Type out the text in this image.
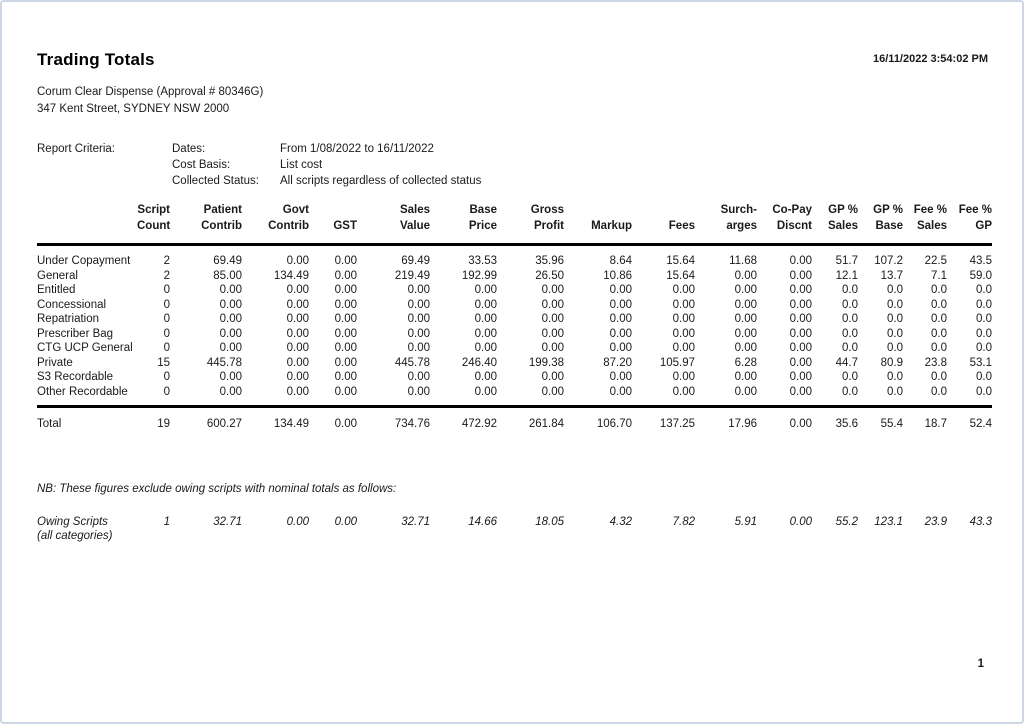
Trading Totals	16/11/2022 3:54:02 PM
Corum Clear Dispense (Approval # 80346G)
347 Kent Street, SYDNEY NSW 2000
Report Criteria:	Dates:	From 1/08/2022 to 16/11/2022
Cost Basis:	List cost
Collected Status:	All scripts regardless of collected status
	Script	Patient	Govt		Sales	Base	Gross			Surch-	Co-Pay	GP %	GP %	Fee %	Fee %
	Count	Contrib	Contrib	GST	Value	Price	Profit	Markup	Fees	arges	Discnt	Sales	Base	Sales	GP
Under Copayment	2	69.49	0.00	0.00	69.49	33.53	35.96	8.64	15.64	11.68	0.00	51.7	107.2	22.5	43.5
General	2	85.00	134.49	0.00	219.49	192.99	26.50	10.86	15.64	0.00	0.00	12.1	13.7	7.1	59.0
Entitled	0	0.00	0.00	0.00	0.00	0.00	0.00	0.00	0.00	0.00	0.00	0.0	0.0	0.0	0.0
Concessional	0	0.00	0.00	0.00	0.00	0.00	0.00	0.00	0.00	0.00	0.00	0.0	0.0	0.0	0.0
Repatriation	0	0.00	0.00	0.00	0.00	0.00	0.00	0.00	0.00	0.00	0.00	0.0	0.0	0.0	0.0
Prescriber Bag	0	0.00	0.00	0.00	0.00	0.00	0.00	0.00	0.00	0.00	0.00	0.0	0.0	0.0	0.0
CTG UCP General	0	0.00	0.00	0.00	0.00	0.00	0.00	0.00	0.00	0.00	0.00	0.0	0.0	0.0	0.0
Private	15	445.78	0.00	0.00	445.78	246.40	199.38	87.20	105.97	6.28	0.00	44.7	80.9	23.8	53.1
S3 Recordable	0	0.00	0.00	0.00	0.00	0.00	0.00	0.00	0.00	0.00	0.00	0.0	0.0	0.0	0.0
Other Recordable	0	0.00	0.00	0.00	0.00	0.00	0.00	0.00	0.00	0.00	0.00	0.0	0.0	0.0	0.0
Total	19	600.27	134.49	0.00	734.76	472.92	261.84	106.70	137.25	17.96	0.00	35.6	55.4	18.7	52.4
NB: These figures exclude owing scripts with nominal totals as follows:
Owing Scripts
(all categories)
	1	32.71	0.00	0.00	32.71	14.66	18.05	4.32	7.82	5.91	0.00	55.2	123.1	23.9	43.3
1
